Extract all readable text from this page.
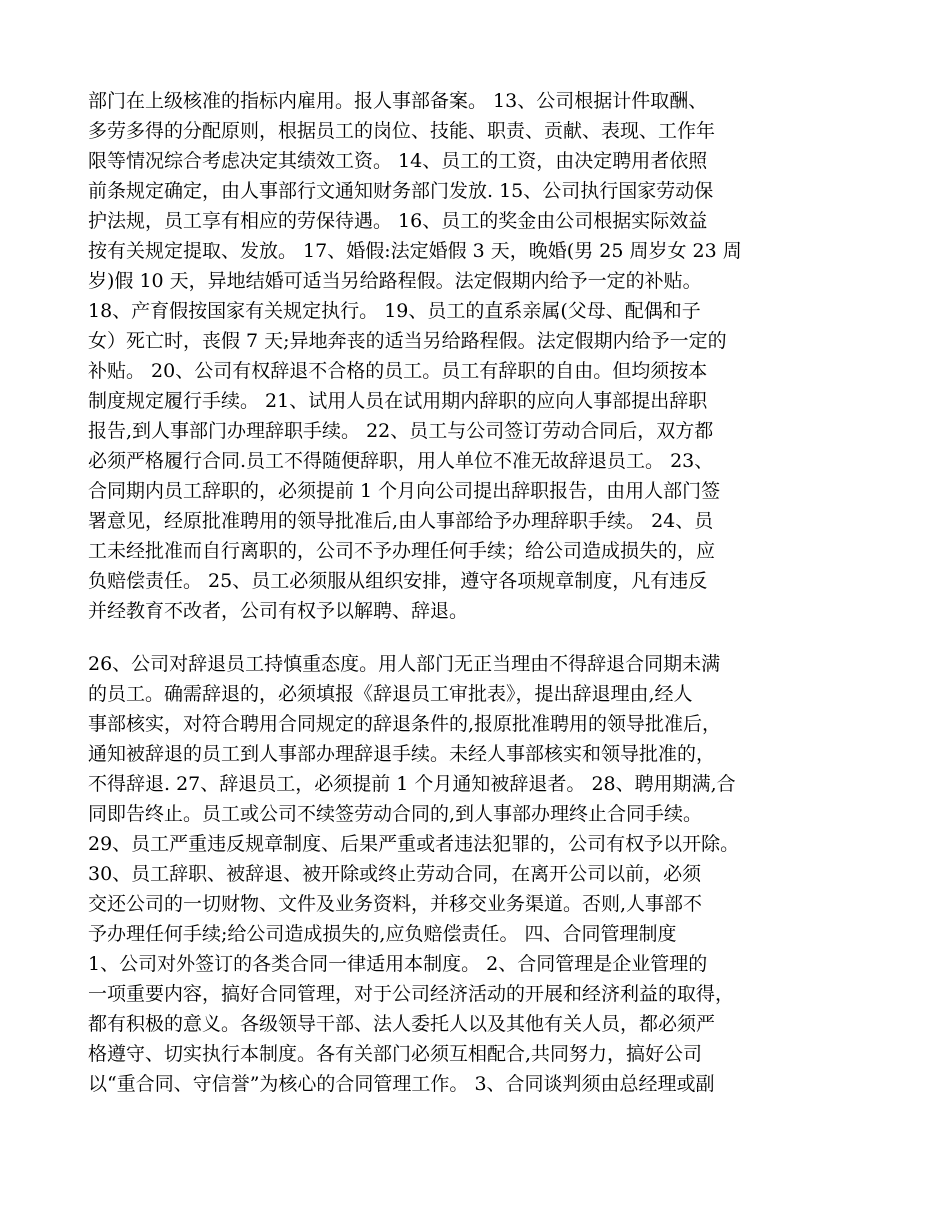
部门在上级核准的指标内雇用。报人事部备案。 13、公司根据计件取酬、
多劳多得的分配原则，根据员工的岗位、技能、职责、贡献、表现、工作年
限等情况综合考虑决定其绩效工资。 14、员工的工资，由决定聘用者依照
前条规定确定，由人事部行文通知财务部门发放. 15、公司执行国家劳动保
护法规，员工享有相应的劳保待遇。 16、员工的奖金由公司根据实际效益
按有关规定提取、发放。 17、婚假:法定婚假 3 天，晚婚(男 25 周岁女 23 周
岁)假 10 天，异地结婚可适当另给路程假。法定假期内给予一定的补贴。
18、产育假按国家有关规定执行。 19、员工的直系亲属(父母、配偶和子
女）死亡时，丧假 7 天;异地奔丧的适当另给路程假。法定假期内给予一定的
补贴。 20、公司有权辞退不合格的员工。员工有辞职的自由。但均须按本
制度规定履行手续。 21、试用人员在试用期内辞职的应向人事部提出辞职
报告,到人事部门办理辞职手续。 22、员工与公司签订劳动合同后，双方都
必须严格履行合同.员工不得随便辞职，用人单位不准无故辞退员工。 23、
合同期内员工辞职的，必须提前 1 个月向公司提出辞职报告，由用人部门签
署意见，经原批准聘用的领导批准后,由人事部给予办理辞职手续。 24、员
工未经批准而自行离职的，公司不予办理任何手续；给公司造成损失的，应
负赔偿责任。 25、员工必须服从组织安排，遵守各项规章制度，凡有违反
并经教育不改者，公司有权予以解聘、辞退。
26、公司对辞退员工持慎重态度。用人部门无正当理由不得辞退合同期未满
的员工。确需辞退的，必须填报《辞退员工审批表》，提出辞退理由,经人
事部核实，对符合聘用合同规定的辞退条件的,报原批准聘用的领导批准后，
通知被辞退的员工到人事部办理辞退手续。未经人事部核实和领导批准的，
不得辞退. 27、辞退员工，必须提前 1 个月通知被辞退者。 28、聘用期满,合
同即告终止。员工或公司不续签劳动合同的,到人事部办理终止合同手续。
29、员工严重违反规章制度、后果严重或者违法犯罪的，公司有权予以开除。
30、员工辞职、被辞退、被开除或终止劳动合同，在离开公司以前，必须
交还公司的一切财物、文件及业务资料，并移交业务渠道。否则,人事部不
予办理任何手续;给公司造成损失的,应负赔偿责任。 四、合同管理制度
1、公司对外签订的各类合同一律适用本制度。 2、合同管理是企业管理的
一项重要内容，搞好合同管理，对于公司经济活动的开展和经济利益的取得，
都有积极的意义。各级领导干部、法人委托人以及其他有关人员，都必须严
格遵守、切实执行本制度。各有关部门必须互相配合,共同努力，搞好公司
以“重合同、守信誉”为核心的合同管理工作。 3、合同谈判须由总经理或副
